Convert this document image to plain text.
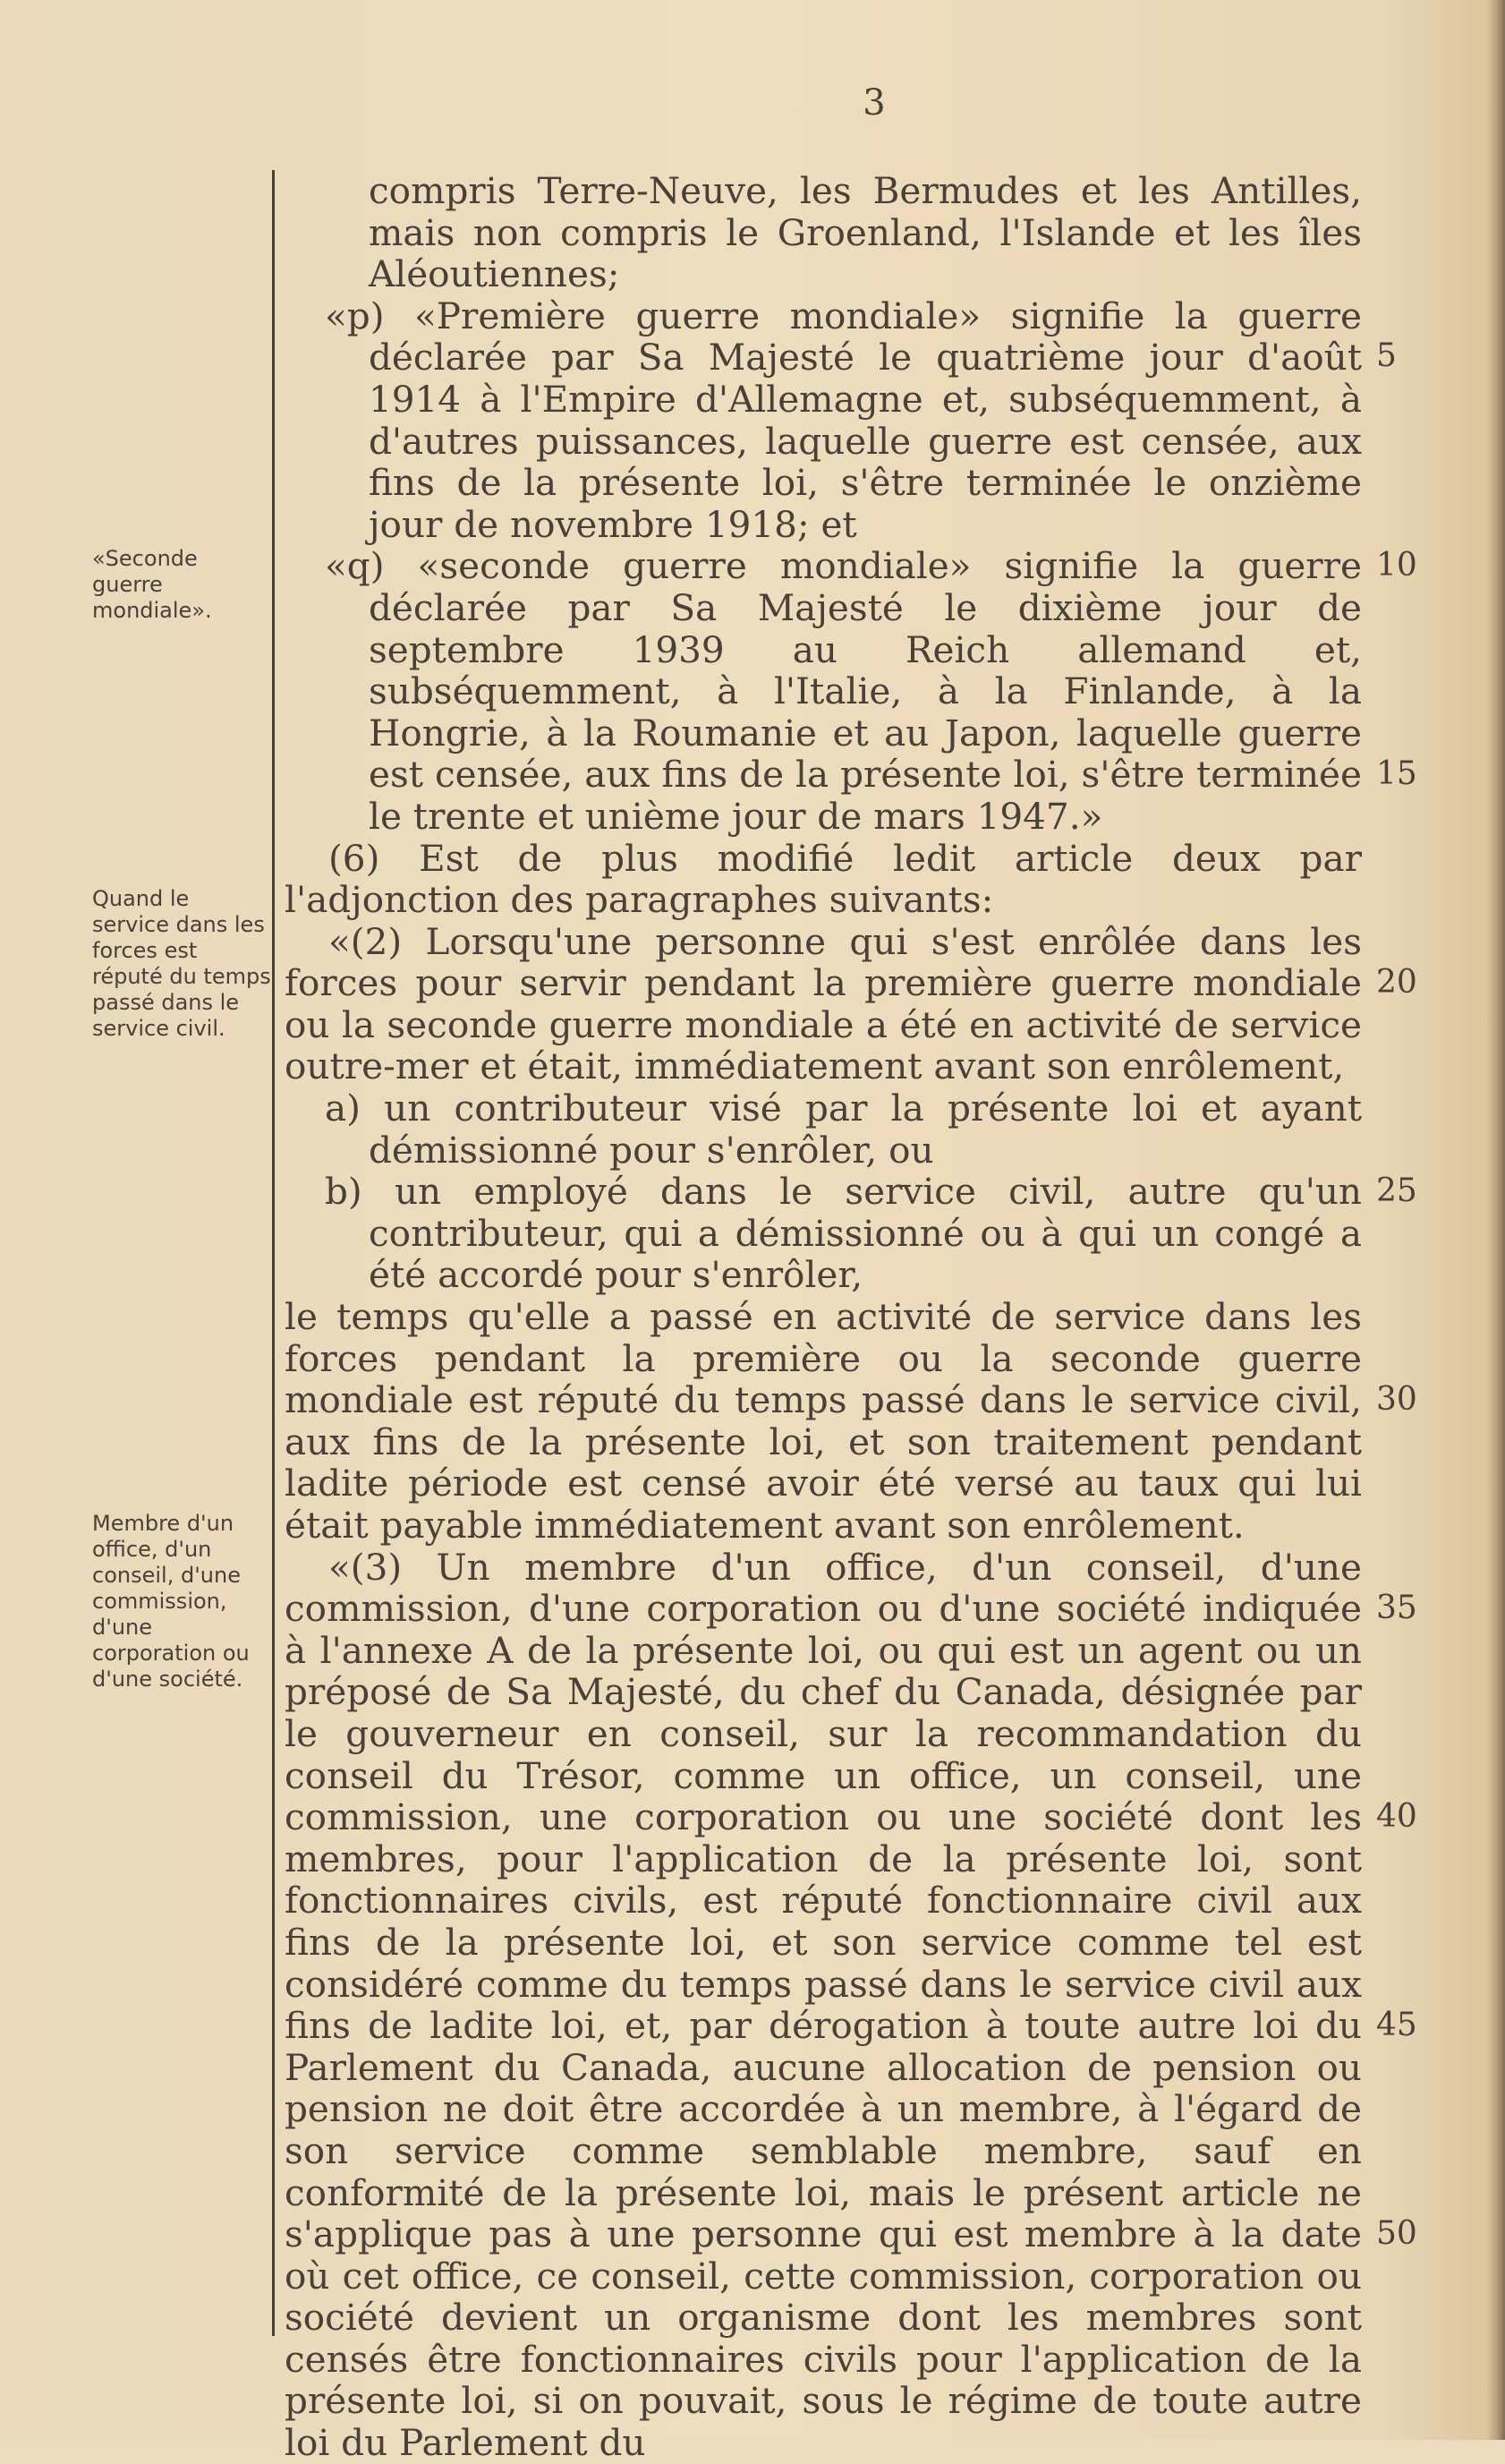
3
«Seconde guerre mondiale».
Quand le service dans les forces est réputé du temps passé dans le service civil.
Membre d'un office, d'un conseil, d'une commission, d'une corporation ou d'une société.
5
10
15
20
25
30
35
40
45
50

compris Terre-Neuve, les Bermudes et les Antilles, mais non compris le Groenland, l'Islande et les îles Aléoutiennes;

«p) «Première guerre mondiale» signifie la guerre déclarée par Sa Majesté le quatrième jour d'août 1914 à l'Empire d'Allemagne et, subséquemment, à d'autres puissances, laquelle guerre est censée, aux fins de la présente loi, s'être terminée le onzième jour de novembre 1918; et

«q) «seconde guerre mondiale» signifie la guerre déclarée par Sa Majesté le dixième jour de septembre 1939 au Reich allemand et, subséquemment, à l'Italie, à la Finlande, à la Hongrie, à la Roumanie et au Japon, laquelle guerre est censée, aux fins de la présente loi, s'être terminée le trente et unième jour de mars 1947.»

(6) Est de plus modifié ledit article deux par l'adjonction des paragraphes suivants:

«(2) Lorsqu'une personne qui s'est enrôlée dans les forces pour servir pendant la première guerre mondiale ou la seconde guerre mondiale a été en activité de service outre-mer et était, immédiatement avant son enrôlement,

a) un contributeur visé par la présente loi et ayant démissionné pour s'enrôler, ou

b) un employé dans le service civil, autre qu'un contributeur, qui a démissionné ou à qui un congé a été accordé pour s'enrôler,

le temps qu'elle a passé en activité de service dans les forces pendant la première ou la seconde guerre mondiale est réputé du temps passé dans le service civil, aux fins de la présente loi, et son traitement pendant ladite période est censé avoir été versé au taux qui lui était payable immédiatement avant son enrôlement.

«(3) Un membre d'un office, d'un conseil, d'une commission, d'une corporation ou d'une société indiquée à l'annexe A de la présente loi, ou qui est un agent ou un préposé de Sa Majesté, du chef du Canada, désignée par le gouverneur en conseil, sur la recommandation du conseil du Trésor, comme un office, un conseil, une commission, une corporation ou une société dont les membres, pour l'application de la présente loi, sont fonctionnaires civils, est réputé fonctionnaire civil aux fins de la présente loi, et son service comme tel est considéré comme du temps passé dans le service civil aux fins de ladite loi, et, par dérogation à toute autre loi du Parlement du Canada, aucune allocation de pension ou pension ne doit être accordée à un membre, à l'égard de son service comme semblable membre, sauf en conformité de la présente loi, mais le présent article ne s'applique pas à une personne qui est membre à la date où cet office, ce conseil, cette commission, corporation ou société devient un organisme dont les membres sont censés être fonctionnaires civils pour l'application de la présente loi, si on pouvait, sous le régime de toute autre loi du Parlement du
